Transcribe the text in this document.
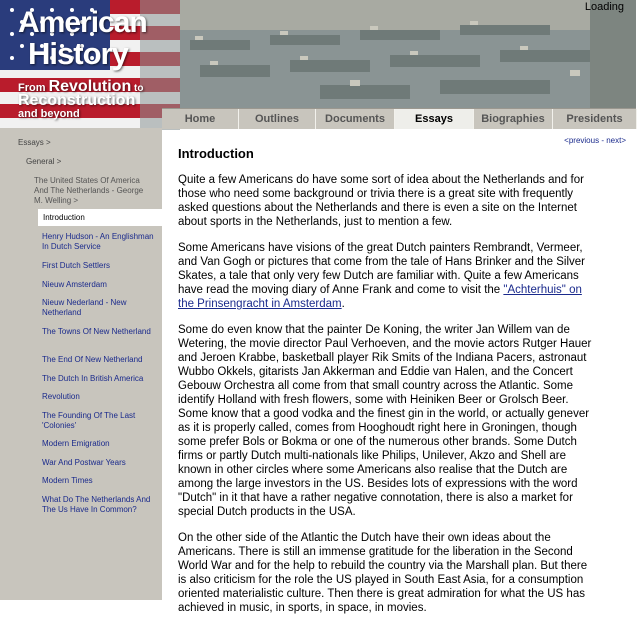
Loading
American
History
From Revolution to
Reconstruction
and beyond	Home	Outlines	Documents	Essays	Biographies	Presidents
Essays >
General >
The United States Of America And The Netherlands - George M. Welling >
Introduction
Henry Hudson - An Englishman In Dutch Service
First Dutch Settlers
Nieuw Amsterdam
Nieuw Nederland - New Netherland
The Towns Of New Netherland
The End Of New Netherland
The Dutch In British America
Revolution
The Founding Of The Last 'Colonies'
Modern Emigration
War And Postwar Years
Modern Times
What Do The Netherlands And The Us Have In Common?
<previous - next>
Introduction

Quite a few Americans do have some sort of idea about the Netherlands and for those who need some background or trivia there is a great site with frequently asked questions about the Netherlands and there is even a site on the Internet about sports in the Netherlands, just to mention a few.

Some Americans have visions of the great Dutch painters Rembrandt, Vermeer, and Van Gogh or pictures that come from the tale of Hans Brinker and the Silver Skates, a tale that only very few Dutch are familiar with. Quite a few Americans have read the moving diary of Anne Frank and come to visit the "Achterhuis" on the Prinsengracht in Amsterdam.

Some do even know that the painter De Koning, the writer Jan Willem van de Wetering, the movie director Paul Verhoeven, and the movie actors Rutger Hauer and Jeroen Krabbe, basketball player Rik Smits of the Indiana Pacers, astronaut Wubbo Okkels, gitarists Jan Akkerman and Eddie van Halen, and the Concert Gebouw Orchestra all come from that small country across the Atlantic. Some identify Holland with fresh flowers, some with Heiniken Beer or Grolsch Beer. Some know that a good vodka and the finest gin in the world, or actually genever as it is properly called, comes from Hooghoudt right here in Groningen, though some prefer Bols or Bokma or one of the numerous other brands. Some Dutch firms or partly Dutch multi-nationals like Philips, Unilever, Akzo and Shell are known in other circles where some Americans also realise that the Dutch are among the large investors in the US. Besides lots of expressions with the word "Dutch" in it that have a rather negative connotation, there is also a market for special Dutch products in the USA.

On the other side of the Atlantic the Dutch have their own ideas about the Americans. There is still an immense gratitude for the liberation in the Second World War and for the help to rebuild the country via the Marshall plan. But there is also criticism for the role the US played in South East Asia, for a consumption oriented materialistic culture. Then there is great admiration for what the US has achieved in music, in sports, in space, in movies.
